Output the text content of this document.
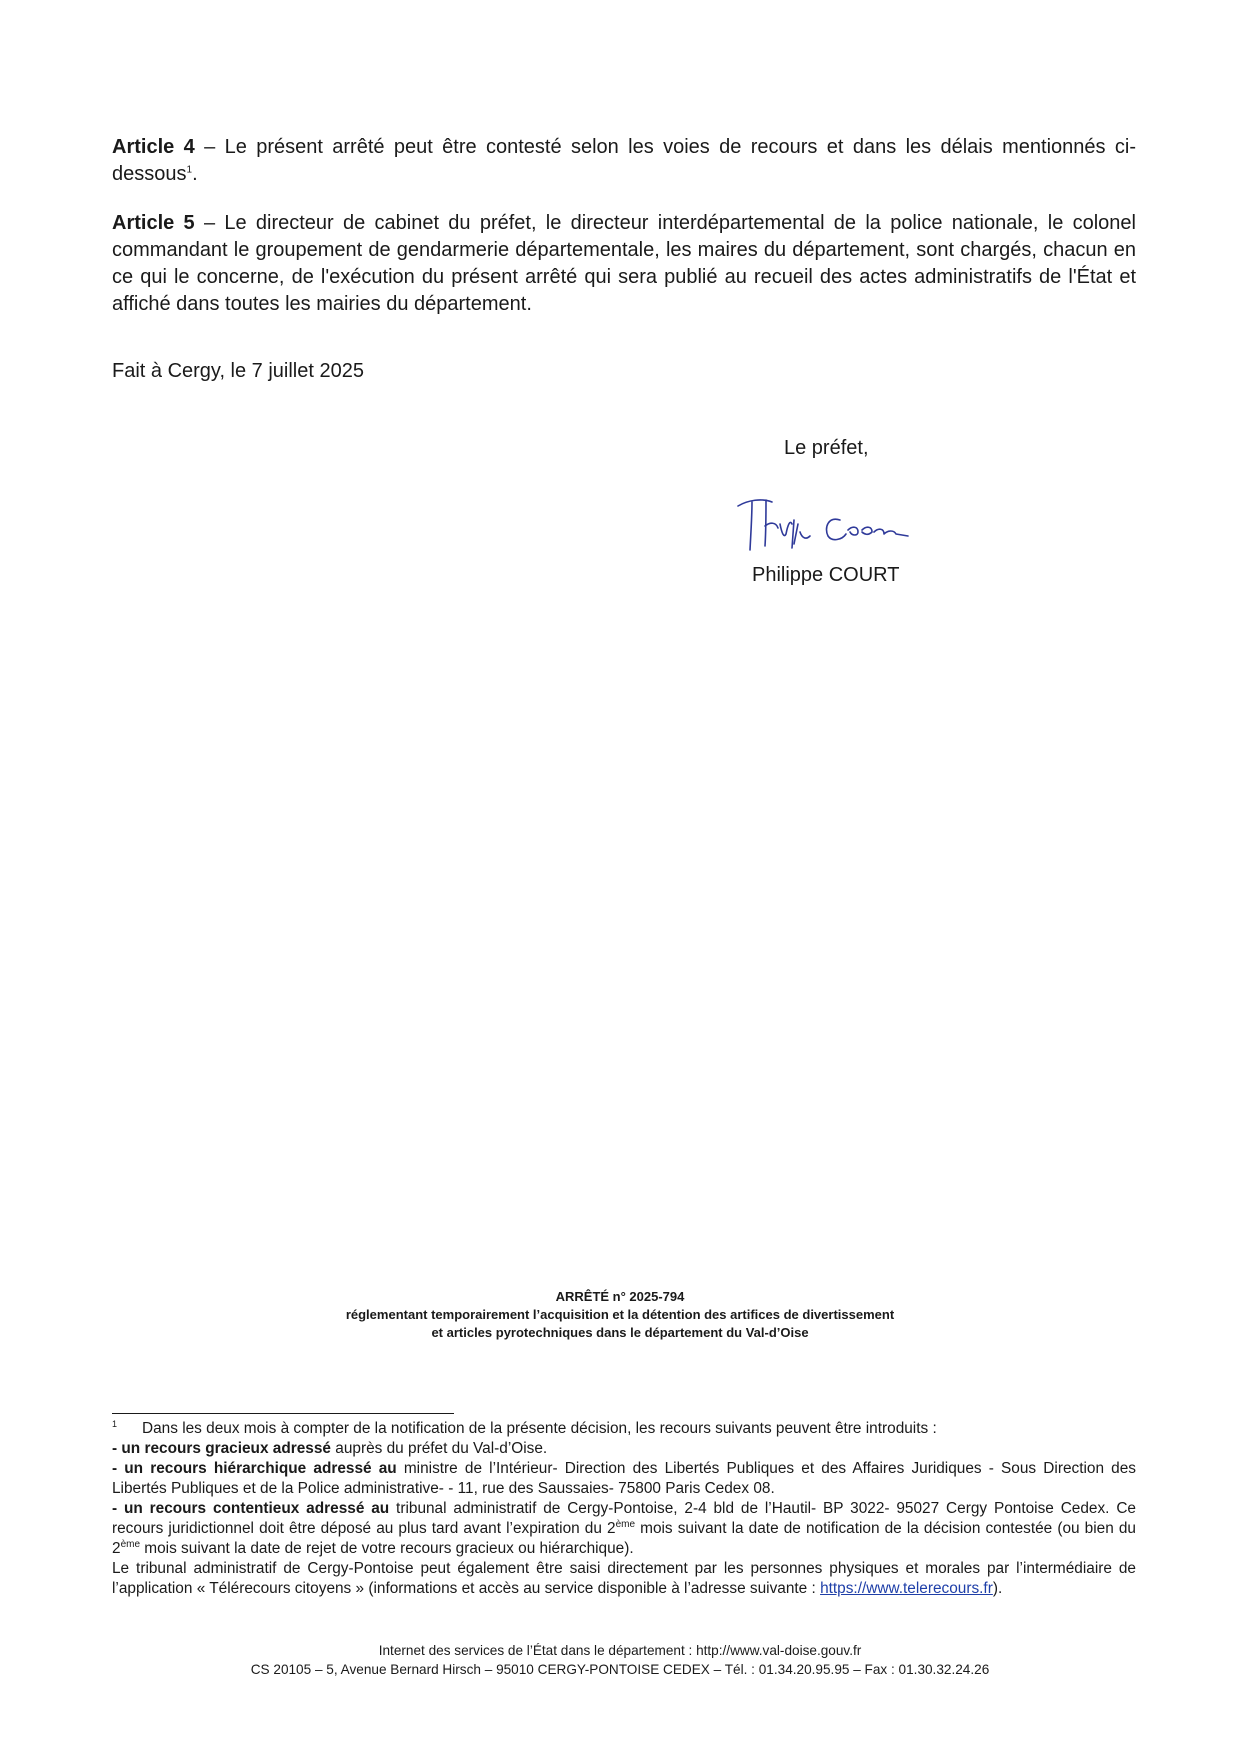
Article 4 – Le présent arrêté peut être contesté selon les voies de recours et dans les délais mentionnés ci-dessous$^1$.

Article 5 – Le directeur de cabinet du préfet, le directeur interdépartemental de la police nationale, le colonel commandant le groupement de gendarmerie départementale, les maires du département, sont chargés, chacun en ce qui le concerne, de l'exécution du présent arrêté qui sera publié au recueil des actes administratifs de l'État et affiché dans toutes les mairies du département.

Fait à Cergy, le 7 juillet 2025
Le préfet,
Philippe COURT
ARRÊTÉ n° 2025-794
réglementant temporairement l’acquisition et la détention des artifices de divertissement
et articles pyrotechniques dans le département du Val-d’Oise

1 Dans les deux mois à compter de la notification de la présente décision, les recours suivants peuvent être introduits :

- un recours gracieux adressé auprès du préfet du Val-d’Oise.

- un recours hiérarchique adressé au ministre de l’Intérieur- Direction des Libertés Publiques et des Affaires Juridiques - Sous Direction des Libertés Publiques et de la Police administrative- - 11, rue des Saussaies- 75800 Paris Cedex 08.

- un recours contentieux adressé au tribunal administratif de Cergy-Pontoise, 2-4 bld de l’Hautil- BP 3022- 95027 Cergy Pontoise Cedex. Ce recours juridictionnel doit être déposé au plus tard avant l’expiration du 2ème mois suivant la date de notification de la décision contestée (ou bien du 2ème mois suivant la date de rejet de votre recours gracieux ou hiérarchique).

Le tribunal administratif de Cergy-Pontoise peut également être saisi directement par les personnes physiques et morales par l’intermédiaire de l’application « Télérecours citoyens » (informations et accès au service disponible à l’adresse suivante : https://www.telerecours.fr).

Internet des services de l’État dans le département : http://www.val-doise.gouv.fr
CS 20105 – 5, Avenue Bernard Hirsch – 95010 CERGY-PONTOISE CEDEX – Tél. : 01.34.20.95.95 – Fax : 01.30.32.24.26
